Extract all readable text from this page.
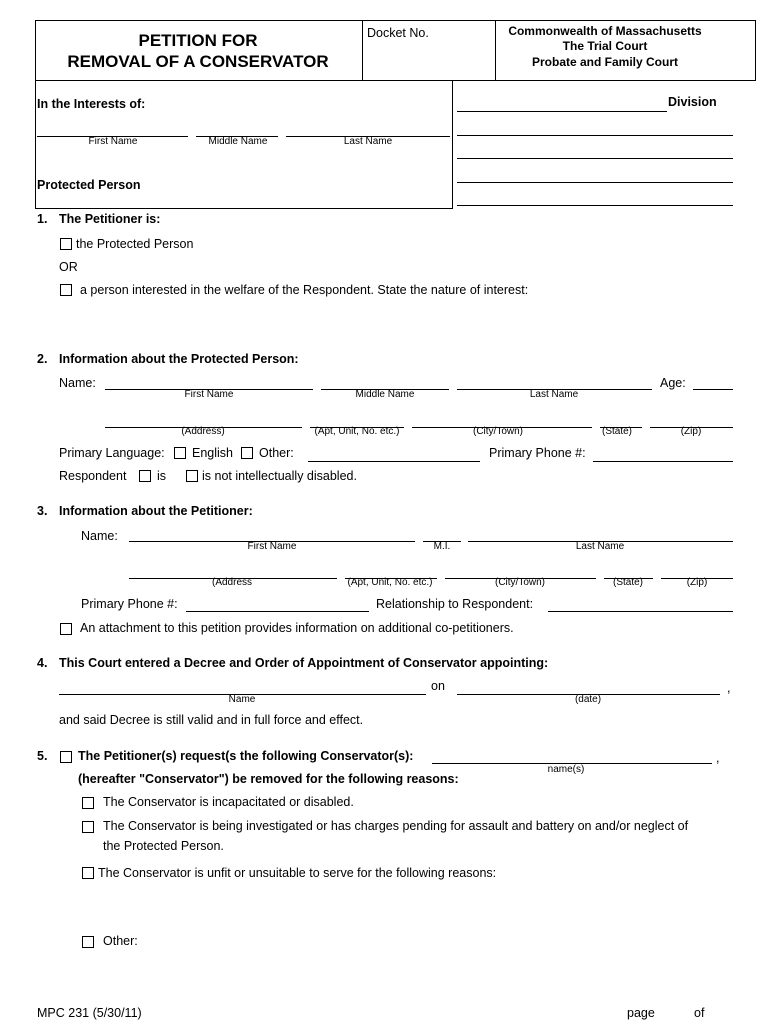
PETITION FOR
REMOVAL OF A CONSERVATOR
Docket No.	Commonwealth of Massachusetts
The Trial Court
Probate and Family Court
In the Interests of:
First Name	Middle Name	Last Name
Protected Person
Division
1. The Petitioner is:
the Protected Person
OR
a person interested in the welfare of the Respondent. State the nature of interest:
2. Information about the Protected Person:
Name:
First Name	Middle Name	Last Name
Age:
(Address)	(Apt, Unit, No. etc.)	(City/Town)	(State)	(Zip)
Primary Language: English Other:	Primary Phone #:
Respondent is	is not intellectually disabled.
3. Information about the Petitioner:
Name:
First Name	M.I.	Last Name
(Address	(Apt, Unit, No. etc.)	(City/Town)	(State)	(Zip)
Primary Phone #:	Relationship to Respondent:
An attachment to this petition provides information on additional co-petitioners.
4. This Court entered a Decree and Order of Appointment of Conservator appointing:
on	,
Name	(date)
and said Decree is still valid and in full force and effect.
5. The Petitioner(s) request(s the following Conservator(s):	,
name(s)
(hereafter "Conservator") be removed for the following reasons:
The Conservator is incapacitated or disabled.
The Conservator is being investigated or has charges pending for assault and battery on and/or neglect of
the Protected Person.
The Conservator is unfit or unsuitable to serve for the following reasons:
Other:
MPC 231 (5/30/11)	page	of
